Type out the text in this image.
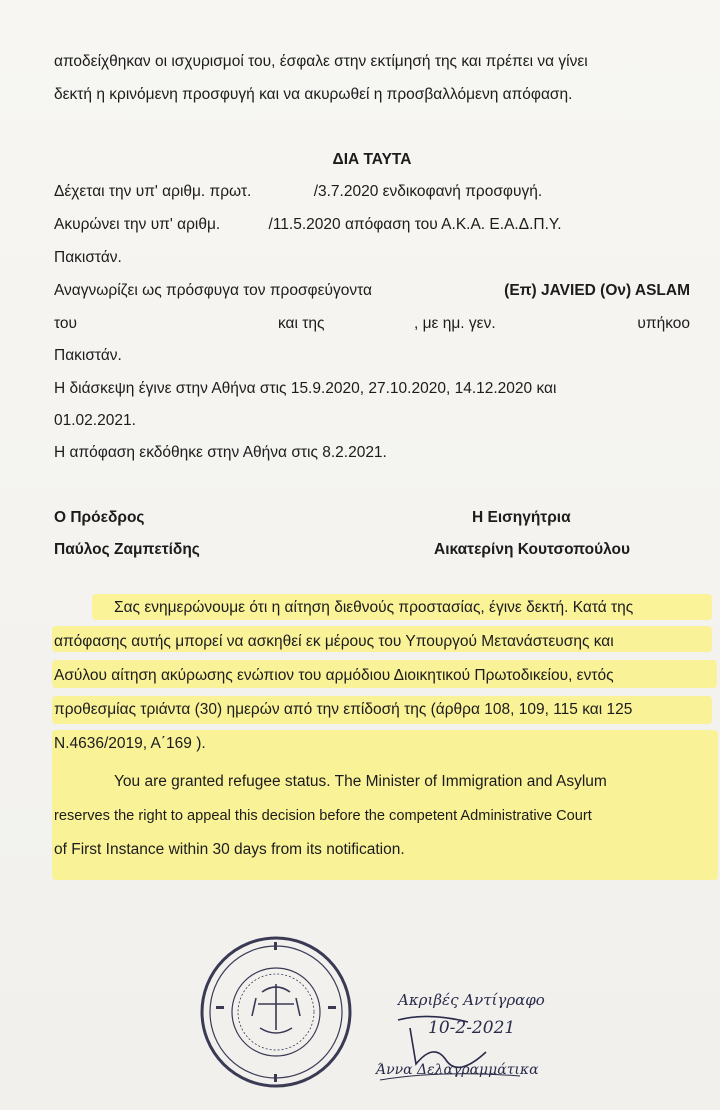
αποδείχθηκαν οι ισχυρισμοί του, έσφαλε στην εκτίμησή της και πρέπει να γίνει
δεκτή η κρινόμενη προσφυγή και να ακυρωθεί η προσβαλλόμενη απόφαση.
ΔΙΑ ΤΑΥΤΑ
Δέχεται την υπ' αριθμ. πρωτ.	/3.7.2020 ενδικοφανή προσφυγή.
Ακυρώνει την υπ' αριθμ.	/11.5.2020 απόφαση του Α.Κ.Α. Ε.Α.Δ.Π.Υ.
Πακιστάν.
Αναγνωρίζει ως πρόσφυγα τον προσφεύγοντα	(Επ) JAVIED (Ον) ASLAM
του	και της	, με ημ. γεν.	υπήκοο
Πακιστάν.
Η διάσκεψη έγινε στην Αθήνα στις 15.9.2020, 27.10.2020, 14.12.2020 και
01.02.2021.
Η απόφαση εκδόθηκε στην Αθήνα στις 8.2.2021.
Ο Πρόεδρος
Παύλος Ζαμπετίδης
Η Εισηγήτρια
Αικατερίνη Κουτσοπούλου
Σας ενημερώνουμε ότι η αίτηση διεθνούς προστασίας, έγινε δεκτή. Κατά της
απόφασης αυτής μπορεί να ασκηθεί εκ μέρους του Υπουργού Μετανάστευσης και
Ασύλου αίτηση ακύρωσης ενώπιον του αρμόδιου Διοικητικού Πρωτοδικείου, εντός
προθεσμίας τριάντα (30) ημερών από την επίδοσή της (άρθρα 108, 109, 115 και 125
Ν.4636/2019, Α΄169 ).
You are granted refugee status. The Minister of Immigration and Asylum
reserves the right to appeal this decision before the competent Administrative Court
of First Instance within 30 days from its notification.
Ακριβές Αντίγραφο
10-2-2021
Άννα Δελαγραμμάτικα
